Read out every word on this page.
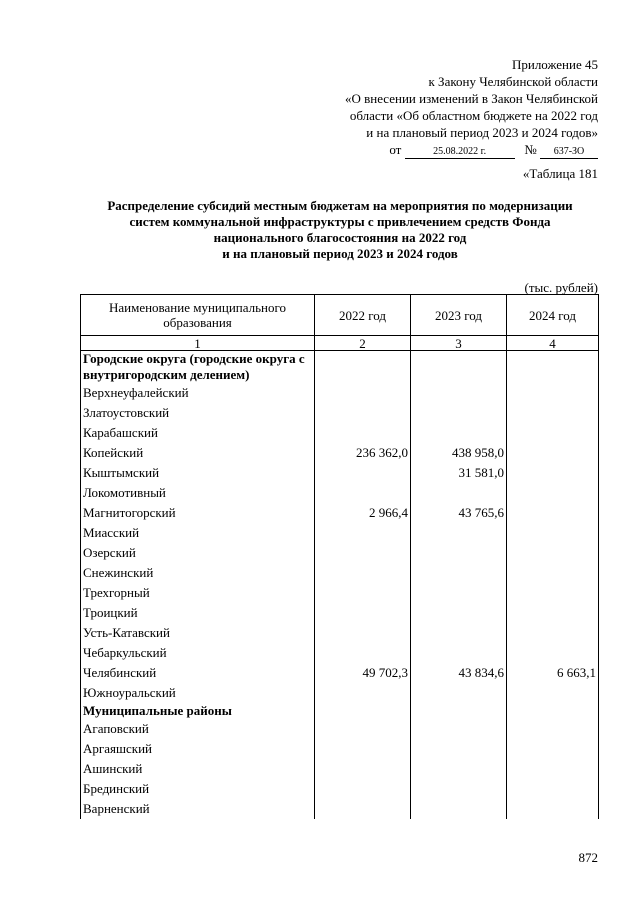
Приложение 45
к Закону Челябинской области
«О внесении изменений в Закон Челябинской
области «Об областном бюджете на 2022 год
и на плановый период 2023 и 2024 годов»
от	25.08.2022 г.	№ 637-ЗО
«Таблица 181
Распределение субсидий местным бюджетам на мероприятия по модернизации
систем коммунальной инфраструктуры с привлечением средств Фонда
национального благосостояния на 2022 год
и на плановый период 2023 и 2024 годов
(тыс. рублей)
Наименование муниципального образования	2022 год	2023 год	2024 год
1	2	3	4
Городские округа (городские округа с внутригородским делением)			
Верхнеуфалейский			
Златоустовский			
Карабашский			
Копейский	236 362,0	438 958,0	
Кыштымский		31 581,0	
Локомотивный			
Магнитогорский	2 966,4	43 765,6	
Миасский			
Озерский			
Снежинский			
Трехгорный			
Троицкий			
Усть-Катавский			
Чебаркульский			
Челябинский	49 702,3	43 834,6	6 663,1
Южноуральский			
Муниципальные районы			
Агаповский			
Аргаяшский			
Ашинский			
Брединский			
Варненский			
872
